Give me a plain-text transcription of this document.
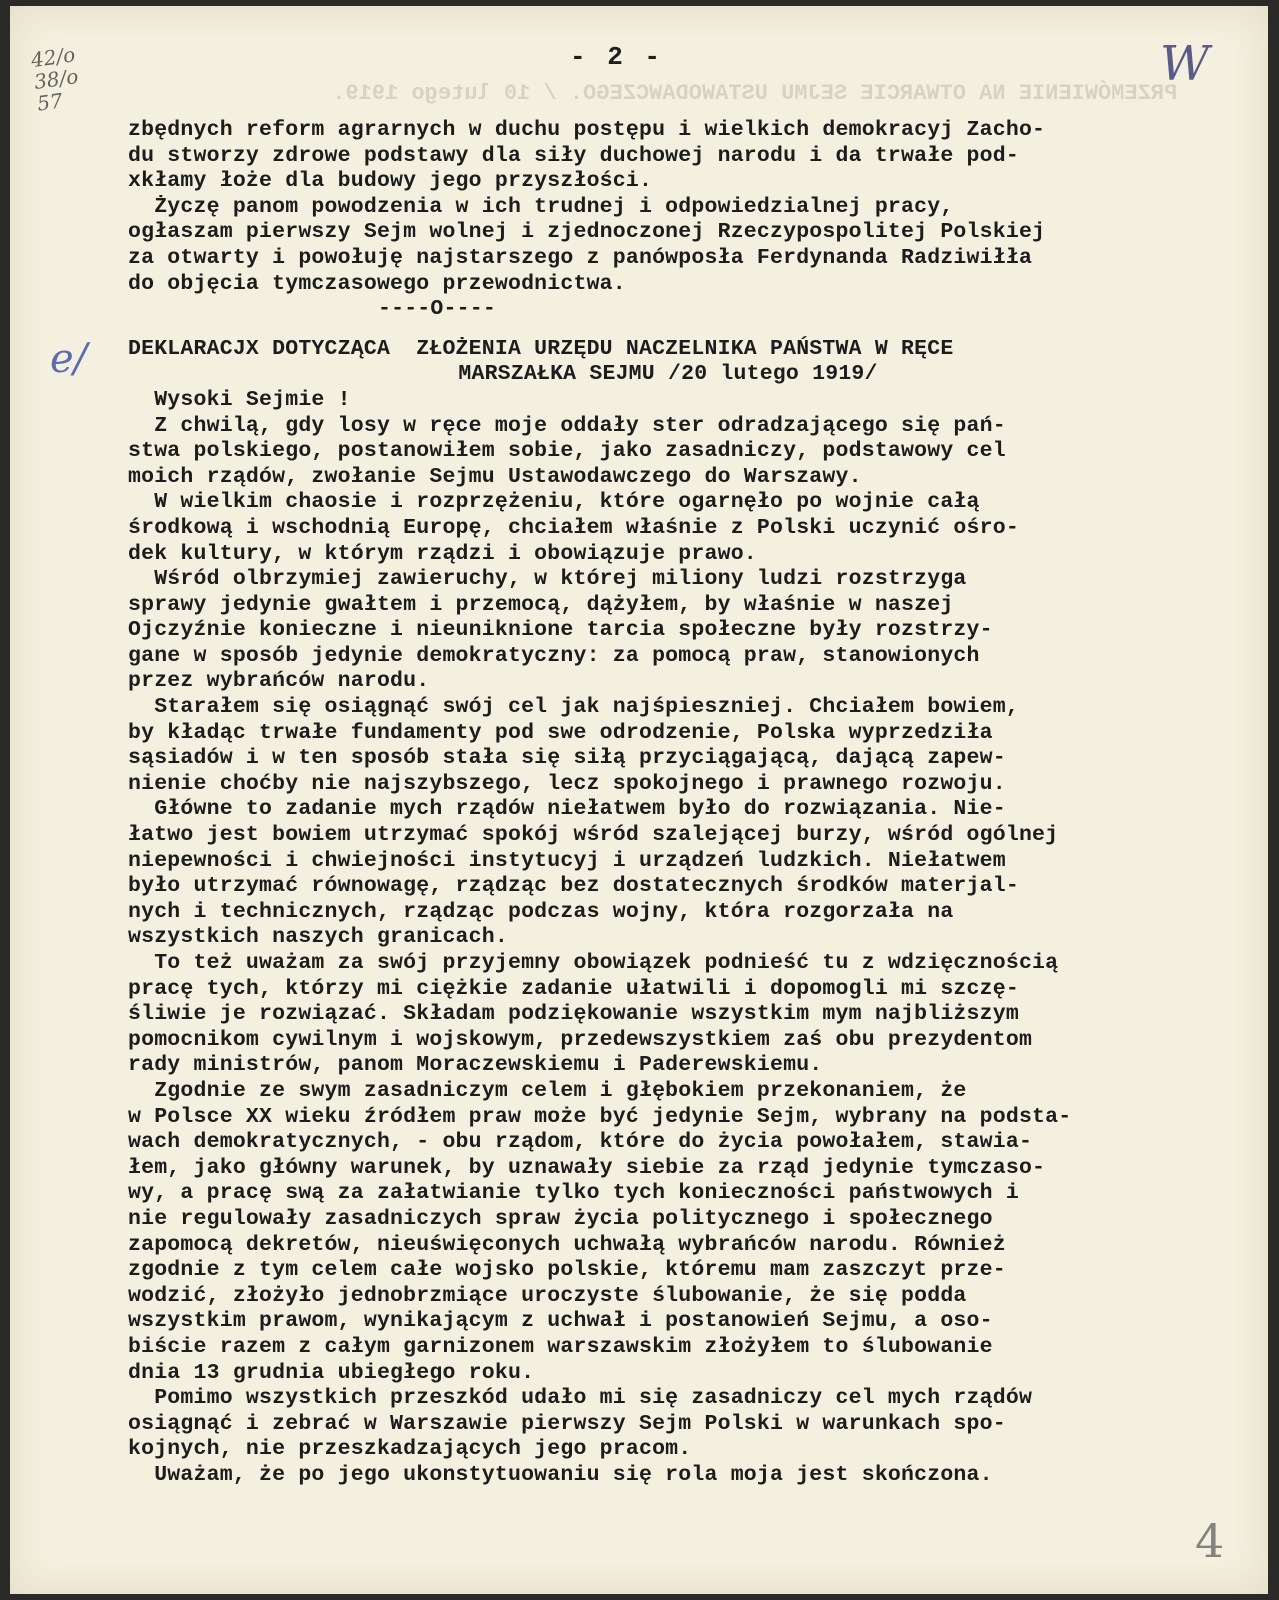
PRZEMÓWIENIE NA OTWARCIE SEJMU USTAWODAWCZEGO. / 10 lutego 1919.

42/o
38/o
57
W
e/
4
- 2 -
zbędnych reform agrarnych w duchu postępu i wielkich demokracyj Zacho-
du stworzy zdrowe podstawy dla siły duchowej narodu i da trwałe pod-
xkłamy łoże dla budowy jego przyszłości.
Życzę panom powodzenia w ich trudnej i odpowiedzialnej pracy,
ogłaszam pierwszy Sejm wolnej i zjednoczonej Rzeczypospolitej Polskiej
za otwarty i powołuję najstarszego z panówposła Ferdynanda Radziwiłła
do objęcia tymczasowego przewodnictwa.
----O----
DEKLARACJX DOTYCZĄCA  ZŁOŻENIA URZĘDU NACZELNIKA PAŃSTWA W RĘCE
MARSZAŁKA SEJMU /20 lutego 1919/
Wysoki Sejmie !
Z chwilą, gdy losy w ręce moje oddały ster odradzającego się pań-
stwa polskiego, postanowiłem sobie, jako zasadniczy, podstawowy cel
moich rządów, zwołanie Sejmu Ustawodawczego do Warszawy.
W wielkim chaosie i rozprzężeniu, które ogarnęło po wojnie całą
środkową i wschodnią Europę, chciałem właśnie z Polski uczynić ośro-
dek kultury, w którym rządzi i obowiązuje prawo.
Wśród olbrzymiej zawieruchy, w której miliony ludzi rozstrzyga
sprawy jedynie gwałtem i przemocą, dążyłem, by właśnie w naszej
Ojczyźnie konieczne i nieuniknione tarcia społeczne były rozstrzy-
gane w sposób jedynie demokratyczny: za pomocą praw, stanowionych
przez wybrańców narodu.
Starałem się osiągnąć swój cel jak najśpieszniej. Chciałem bowiem,
by kładąc trwałe fundamenty pod swe odrodzenie, Polska wyprzedziła
sąsiadów i w ten sposób stała się siłą przyciągającą, dającą zapew-
nienie choćby nie najszybszego, lecz spokojnego i prawnego rozwoju.
Główne to zadanie mych rządów niełatwem było do rozwiązania. Nie-
łatwo jest bowiem utrzymać spokój wśród szalejącej burzy, wśród ogólnej
niepewności i chwiejności instytucyj i urządzeń ludzkich. Niełatwem
było utrzymać równowagę, rządząc bez dostatecznych środków materjal-
nych i technicznych, rządząc podczas wojny, która rozgorzała na
wszystkich naszych granicach.
To też uważam za swój przyjemny obowiązek podnieść tu z wdzięcznością
pracę tych, którzy mi ciężkie zadanie ułatwili i dopomogli mi szczę-
śliwie je rozwiązać. Składam podziękowanie wszystkim mym najbliższym
pomocnikom cywilnym i wojskowym, przedewszystkiem zaś obu prezydentom
rady ministrów, panom Moraczewskiemu i Paderewskiemu.
Zgodnie ze swym zasadniczym celem i głębokiem przekonaniem, że
w Polsce XX wieku źródłem praw może być jedynie Sejm, wybrany na podsta-
wach demokratycznych, - obu rządom, które do życia powołałem, stawia-
łem, jako główny warunek, by uznawały siebie za rząd jedynie tymczaso-
wy, a pracę swą za załatwianie tylko tych konieczności państwowych i
nie regulowały zasadniczych spraw życia politycznego i społecznego
zapomocą dekretów, nieuświęconych uchwałą wybrańców narodu. Również
zgodnie z tym celem całe wojsko polskie, któremu mam zaszczyt prze-
wodzić, złożyło jednobrzmiące uroczyste ślubowanie, że się podda
wszystkim prawom, wynikającym z uchwał i postanowień Sejmu, a oso-
biście razem z całym garnizonem warszawskim złożyłem to ślubowanie
dnia 13 grudnia ubiegłego roku.
Pomimo wszystkich przeszkód udało mi się zasadniczy cel mych rządów
osiągnąć i zebrać w Warszawie pierwszy Sejm Polski w warunkach spo-
kojnych, nie przeszkadzających jego pracom.
Uważam, że po jego ukonstytuowaniu się rola moja jest skończona.
